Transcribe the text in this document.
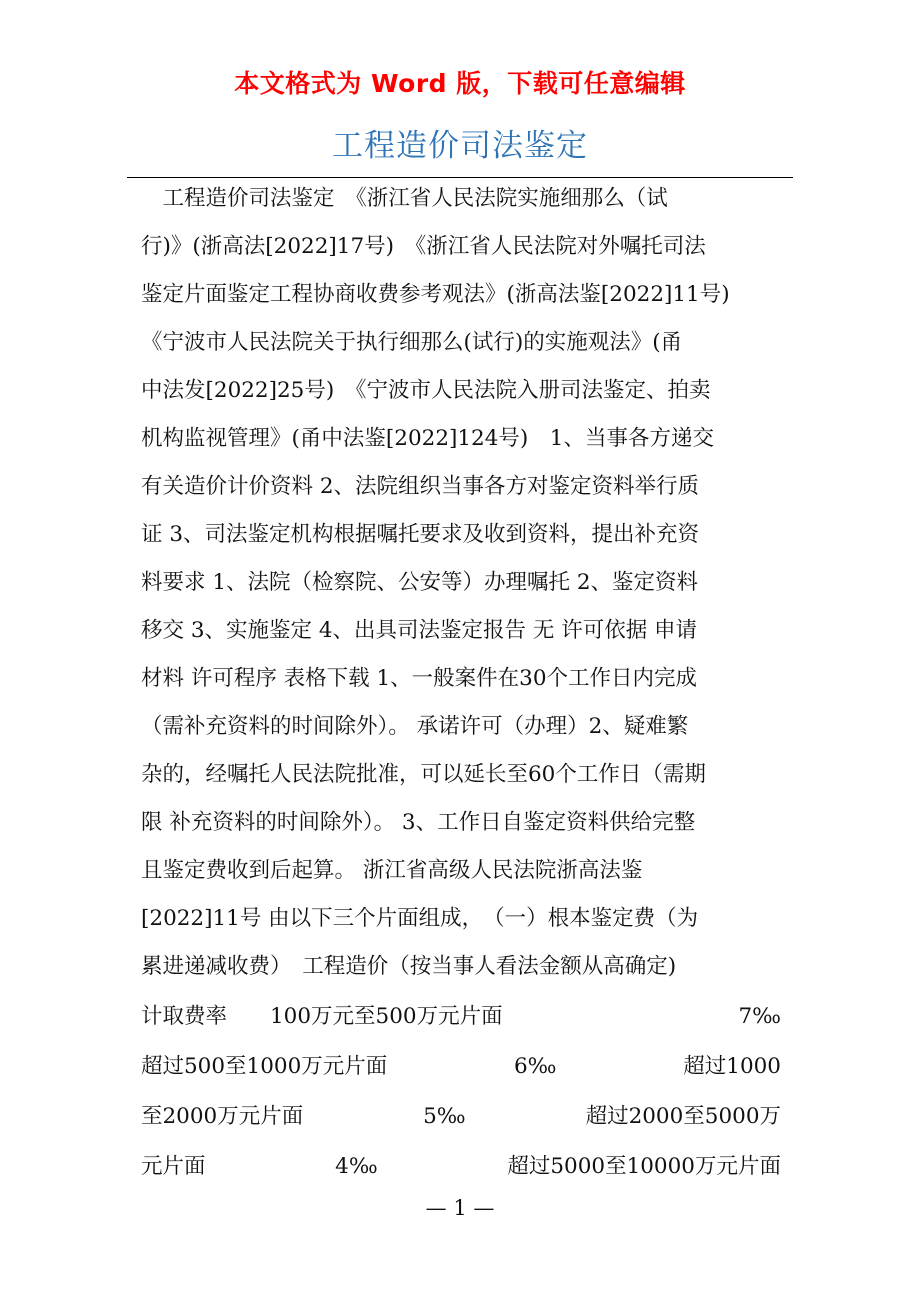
本文格式为 Word 版，下载可任意编辑
工程造价司法鉴定
　工程造价司法鉴定　《浙江省人民法院实施细那么（试
行)》(浙高法[2022]17号)　《浙江省人民法院对外嘱托司法
鉴定片面鉴定工程协商收费参考观法》(浙高法鉴[2022]11号)
《宁波市人民法院关于执行细那么(试行)的实施观法》(甬
中法发[2022]25号)　《宁波市人民法院入册司法鉴定、拍卖
机构监视管理》(甬中法鉴[2022]124号)　1、当事各方递交
有关造价计价资料 2、法院组织当事各方对鉴定资料举行质
证 3、司法鉴定机构根据嘱托要求及收到资料，提出补充资
料要求 1、法院（检察院、公安等）办理嘱托 2、鉴定资料
移交 3、实施鉴定 4、出具司法鉴定报告 无 许可依据 申请
材料 许可程序 表格下载 1、一般案件在30个工作日内完成
（需补充资料的时间除外）。 承诺许可（办理）2、疑难繁
杂的，经嘱托人民法院批准，可以延长至60个工作日（需期
限 补充资料的时间除外）。 3、工作日自鉴定资料供给完整
且鉴定费收到后起算。 浙江省高级人民法院浙高法鉴
[2022]11号 由以下三个片面组成，　（一）根本鉴定费（为
累进递减收费）　工程造价（按当事人看法金额从高确定)
计取费率　　100万元至500万元片面	7‰
超过500至1000万元片面	6‰	超过1000
至2000万元片面	5‰	超过2000至5000万
元片面	4‰	超过5000至10000万元片面
— 1 —
